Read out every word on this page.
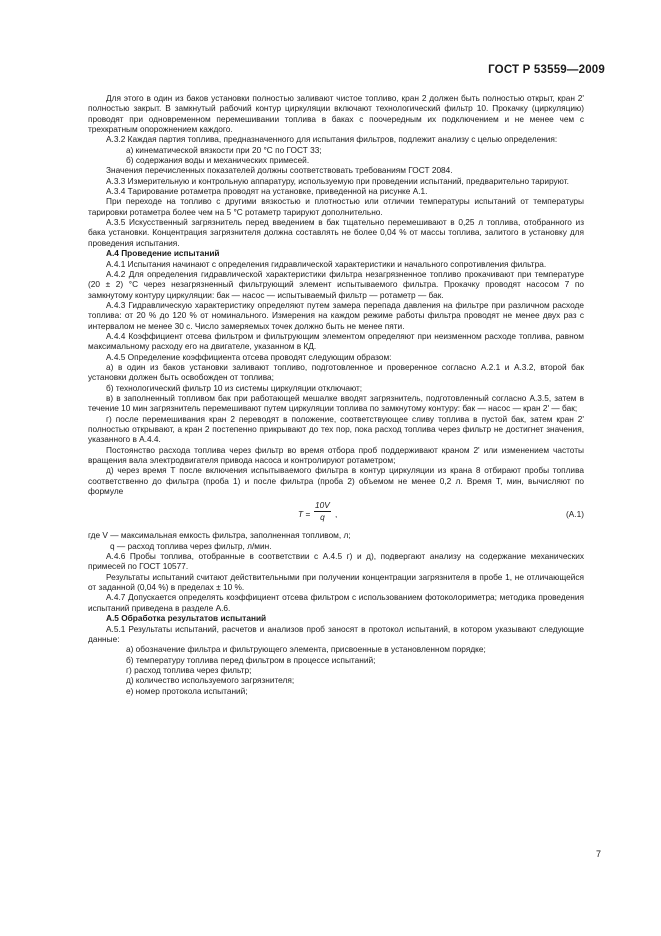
ГОСТ Р 53559—2009

Для этого в один из баков установки полностью заливают чистое топливо, кран 2 должен быть полностью открыт, кран 2' полностью закрыт. В замкнутый рабочий контур циркуляции включают технологический фильтр 10. Прокачку (циркуляцию) проводят при одновременном перемешивании топлива в баках с поочередным их подключением и не менее чем с трехкратным опорожнением каждого.

А.3.2 Каждая партия топлива, предназначенного для испытания фильтров, подлежит анализу с целью определения:

а) кинематической вязкости при 20 °С по ГОСТ 33;

б) содержания воды и механических примесей.

Значения перечисленных показателей должны соответствовать требованиям ГОСТ 2084.

А.3.3 Измерительную и контрольную аппаратуру, используемую при проведении испытаний, предварительно тарируют.

А.3.4 Тарирование ротаметра проводят на установке, приведенной на рисунке А.1.

При переходе на топливо с другими вязкостью и плотностью или отличии температуры испытаний от температуры тарировки ротаметра более чем на 5 °С ротаметр тарируют дополнительно.

А.3.5 Искусственный загрязнитель перед введением в бак тщательно перемешивают в 0,25 л топлива, отобранного из бака установки. Концентрация загрязнителя должна составлять не более 0,04 % от массы топлива, залитого в установку для проведения испытания.

А.4 Проведение испытаний

А.4.1 Испытания начинают с определения гидравлической характеристики и начального сопротивления фильтра.

А.4.2 Для определения гидравлической характеристики фильтра незагрязненное топливо прокачивают при температуре (20 ± 2) °С через незагрязненный фильтрующий элемент испытываемого фильтра. Прокачку проводят насосом 7 по замкнутому контуру циркуляции: бак — насос — испытываемый фильтр — ротаметр — бак.

А.4.3 Гидравлическую характеристику определяют путем замера перепада давления на фильтре при различном расходе топлива: от 20 % до 120 % от номинального. Измерения на каждом режиме работы фильтра проводят не менее двух раз с интервалом не менее 30 с. Число замеряемых точек должно быть не менее пяти.

А.4.4 Коэффициент отсева фильтром и фильтрующим элементом определяют при неизменном расходе топлива, равном максимальному расходу его на двигателе, указанном в КД.

А.4.5 Определение коэффициента отсева проводят следующим образом:

а) в один из баков установки заливают топливо, подготовленное и проверенное согласно А.2.1 и А.3.2, второй бак установки должен быть освобожден от топлива;

б) технологический фильтр 10 из системы циркуляции отключают;

в) в заполненный топливом бак при работающей мешалке вводят загрязнитель, подготовленный согласно А.3.5, затем в течение 10 мин загрязнитель перемешивают путем циркуляции топлива по замкнутому контуру: бак — насос — кран 2' — бак;

г) после перемешивания кран 2 переводят в положение, соответствующее сливу топлива в пустой бак, затем кран 2' полностью открывают, а кран 2 постепенно прикрывают до тех пор, пока расход топлива через фильтр не достигнет значения, указанного в А.4.4.

Постоянство расхода топлива через фильтр во время отбора проб поддерживают краном 2' или изменением частоты вращения вала электродвигателя привода насоса и контролируют ротаметром;

д) через время Т после включения испытываемого фильтра в контур циркуляции из крана 8 отбирают пробы топлива соответственно до фильтра (проба 1) и после фильтра (проба 2) объемом не менее 0,2 л. Время Т, мин, вычисляют по формуле

$T = \frac{10V}{q}$ ,	(А.1)

где V — максимальная емкость фильтра, заполненная топливом, л;

q — расход топлива через фильтр, л/мин.

А.4.6 Пробы топлива, отобранные в соответствии с А.4.5 г) и д), подвергают анализу на содержание механических примесей по ГОСТ 10577.

Результаты испытаний считают действительными при получении концентрации загрязнителя в пробе 1, не отличающейся от заданной (0,04 %) в пределах ± 10 %.

А.4.7 Допускается определять коэффициент отсева фильтром с использованием фотоколориметра; методика проведения испытаний приведена в разделе А.6.

А.5 Обработка результатов испытаний

А.5.1 Результаты испытаний, расчетов и анализов проб заносят в протокол испытаний, в котором указывают следующие данные:

а) обозначение фильтра и фильтрующего элемента, присвоенные в установленном порядке;

б) температуру топлива перед фильтром в процессе испытаний;

г) расход топлива через фильтр;

д) количество используемого загрязнителя;

е) номер протокола испытаний;

7
